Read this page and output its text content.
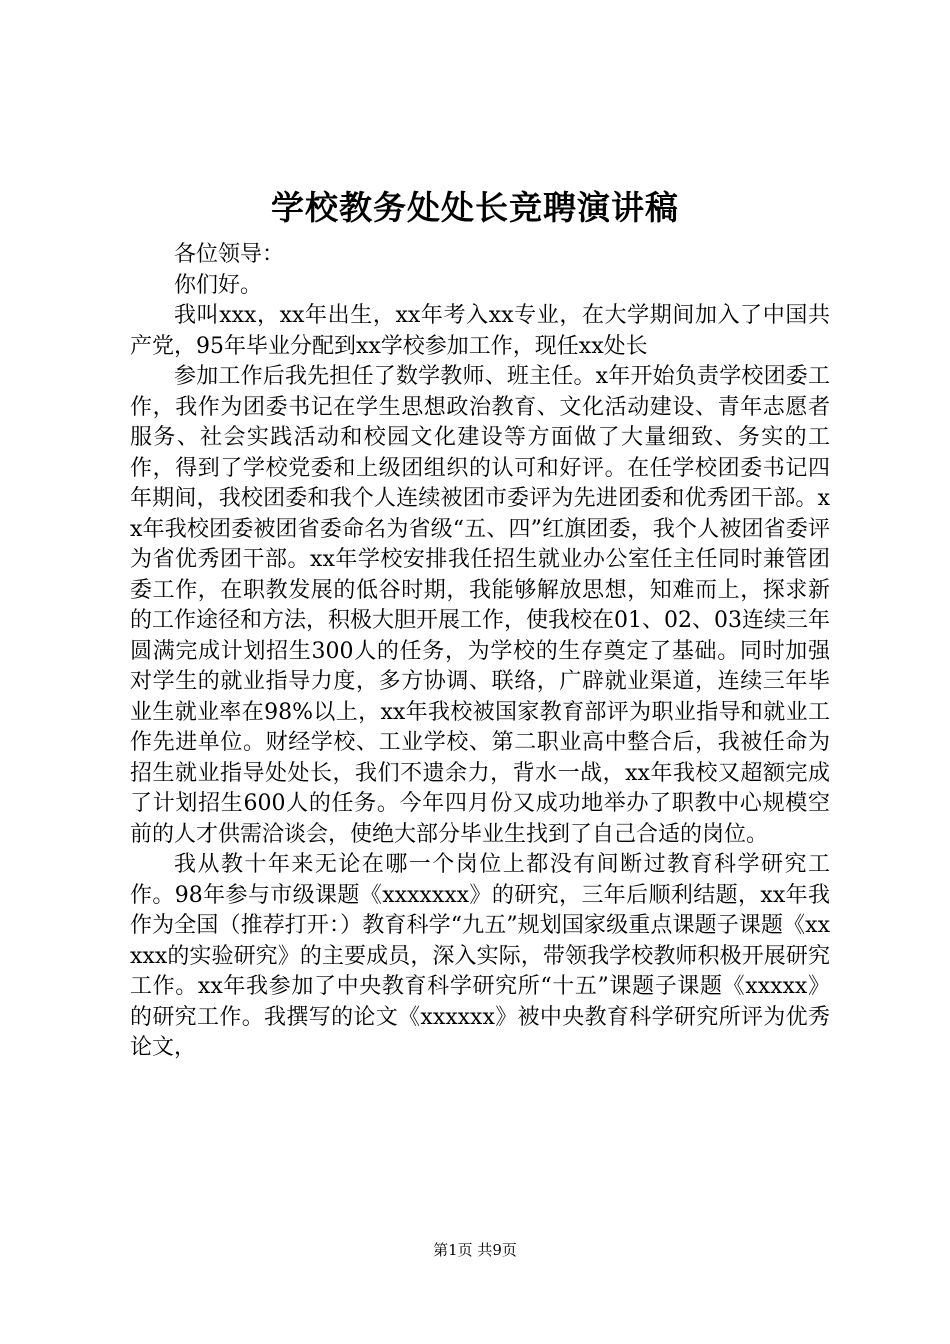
学校教务处处长竞聘演讲稿

各位领导：

你们好。

我叫xxx，xx年出生，xx年考入xx专业，在大学期间加入了中国共产党，95年毕业分配到xx学校参加工作，现任xx处长

参加工作后我先担任了数学教师、班主任。x年开始负责学校团委工作，我作为团委书记在学生思想政治教育、文化活动建设、青年志愿者服务、社会实践活动和校园文化建设等方面做了大量细致、务实的工作，得到了学校党委和上级团组织的认可和好评。在任学校团委书记四年期间，我校团委和我个人连续被团市委评为先进团委和优秀团干部。xx年我校团委被团省委命名为省级“五、四”红旗团委，我个人被团省委评为省优秀团干部。xx年学校安排我任招生就业办公室任主任同时兼管团委工作，在职教发展的低谷时期，我能够解放思想，知难而上，探求新的工作途径和方法，积极大胆开展工作，使我校在01、02、03连续三年圆满完成计划招生300人的任务，为学校的生存奠定了基础。同时加强对学生的就业指导力度，多方协调、联络，广辟就业渠道，连续三年毕业生就业率在98%以上，xx年我校被国家教育部评为职业指导和就业工作先进单位。财经学校、工业学校、第二职业高中整合后，我被任命为招生就业指导处处长，我们不遗余力，背水一战，xx年我校又超额完成了计划招生600人的任务。今年四月份又成功地举办了职教中心规模空前的人才供需洽谈会，使绝大部分毕业生找到了自己合适的岗位。

我从教十年来无论在哪一个岗位上都没有间断过教育科学研究工作。98年参与市级课题《xxxxxxx》的研究，三年后顺利结题，xx年我作为全国（推荐打开：）教育科学“九五”规划国家级重点课题子课题《xxxxx的实验研究》的主要成员，深入实际，带领我学校教师积极开展研究工作。xx年我参加了中央教育科学研究所“十五”课题子课题《xxxxx》的研究工作。我撰写的论文《xxxxxx》被中央教育科学研究所评为优秀论文，

第1页 共9页
